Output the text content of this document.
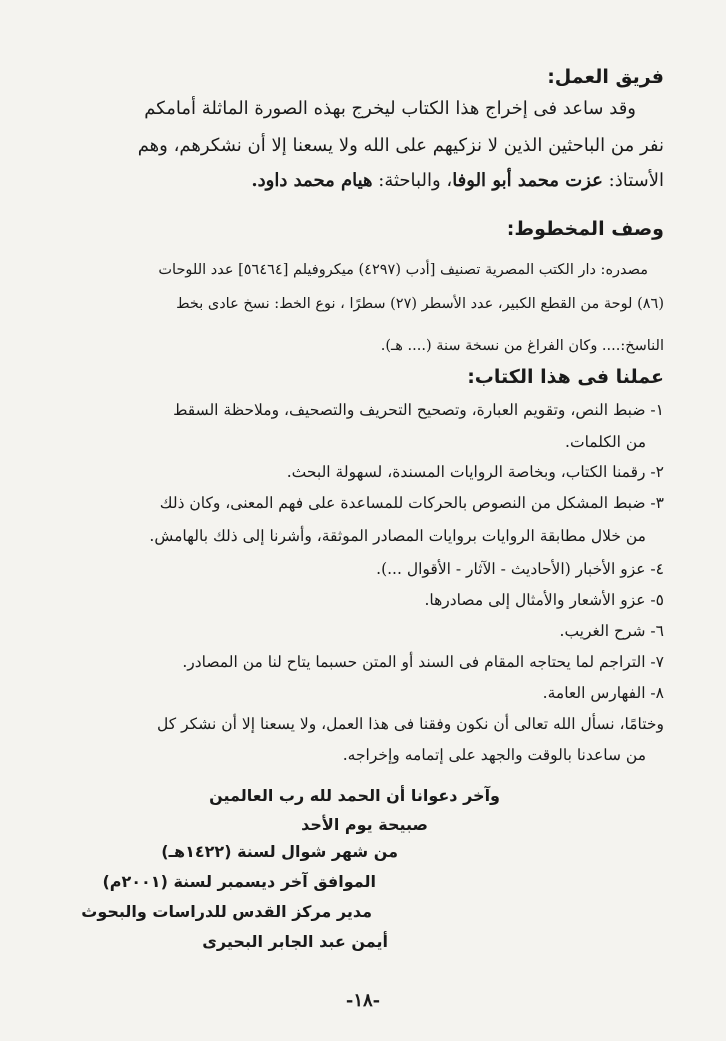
فريق العمل:
وقد ساعد فى إخراج هذا الكتاب ليخرج بهذه الصورة الماثلة أمامكم
نفر من الباحثين الذين لا نزكيهم على الله ولا يسعنا إلا أن نشكرهم، وهم
الأستاذ: عزت محمد أبو الوفا، والباحثة: هيام محمد داود.
وصف المخطوط:
مصدره: دار الكتب المصرية تصنيف [أدب (٤٢٩٧) ميكروفيلم [٥٦٤٦٤] عدد اللوحات
(٨٦) لوحة من القطع الكبير، عدد الأسطر (٢٧) سطرًا ، نوع الخط: نسخ عادى بخط
الناسخ:.... وكان الفراغ من نسخة سنة (.... هـ).
عملنا فى هذا الكتاب:
١- ضبط النص، وتقويم العبارة، وتصحيح التحريف والتصحيف، وملاحظة السقط
من الكلمات.
٢- رقمنا الكتاب، وبخاصة الروايات المسندة، لسهولة البحث.
٣- ضبط المشكل من النصوص بالحركات للمساعدة على فهم المعنى، وكان ذلك
من خلال مطابقة الروايات بروايات المصادر الموثقة، وأشرنا إلى ذلك بالهامش.
٤- عزو الأخبار (الأحاديث - الآثار - الأقوال ...).
٥- عزو الأشعار والأمثال إلى مصادرها.
٦- شرح الغريب.
٧- التراجم لما يحتاجه المقام فى السند أو المتن حسبما يتاح لنا من المصادر.
٨- الفهارس العامة.
وختامًا، نسأل الله تعالى أن نكون وفقنا فى هذا العمل، ولا يسعنا إلا أن نشكر كل
من ساعدنا بالوقت والجهد على إتمامه وإخراجه.
وآخر دعوانا أن الحمد لله رب العالمين
صبيحة يوم الأحد
من شهر شوال لسنة (١٤٢٢هـ)
الموافق آخر ديسمبر لسنة (٢٠٠١م)
مدير مركز القدس للدراسات والبحوث
أيمن عبد الجابر البحيرى
-١٨-
